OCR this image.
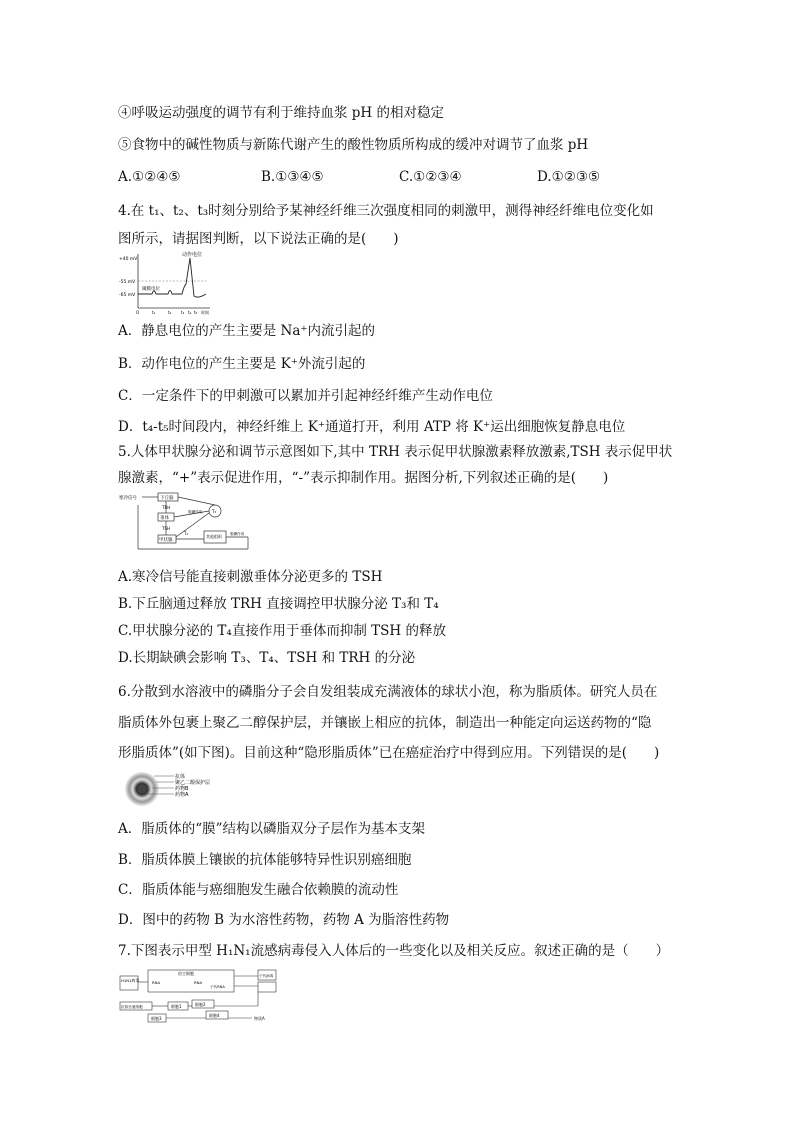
④呼吸运动强度的调节有利于维持血浆 pH 的相对稳定
⑤食物中的碱性物质与新陈代谢产生的酸性物质所构成的缓冲对调节了血浆 pH
A.①②④⑤	B.①③④⑤	C.①②③④	D.①②③⑤
4.在 t₁、t₂、t₃时刻分别给予某神经纤维三次强度相同的刺激甲，测得神经纤维电位变化如
图所示，请据图判断，以下说法正确的是(　　)
+40 mV
-55 mV
-65 mV
动作电位
阈膜电位
O	t₁	t₂ t₃ t₄ t₅ 时间
A．静息电位的产生主要是 Na⁺内流引起的
B．动作电位的产生主要是 K⁺外流引起的
C．一定条件下的甲刺激可以累加并引起神经纤维产生动作电位
D．t₄-t₅时间段内，神经纤维上 K⁺通道打开，利用 ATP 将 K⁺运出细胞恢复静息电位
5.人体甲状腺分泌和调节示意图如下,其中 TRH 表示促甲状腺激素释放激素,TSH 表示促甲状
腺激素，“+”表示促进作用，“-”表示抑制作用。据图分析,下列叙述正确的是(　　)
寒冷信号	下丘脑
TRH
垂体
TSH
甲状腺
T₄
T₃
脱碘作用
其他组织 脱碘作用
A.寒冷信号能直接刺激垂体分泌更多的 TSH
B.下丘脑通过释放 TRH 直接调控甲状腺分泌 T₃和 T₄
C.甲状腺分泌的 T₄直接作用于垂体而抑制 TSH 的释放
D.长期缺碘会影响 T₃、T₄、TSH 和 TRH 的分泌
6.分散到水溶液中的磷脂分子会自发组装成充满液体的球状小泡，称为脂质体。研究人员在
脂质体外包裹上聚乙二醇保护层，并镶嵌上相应的抗体，制造出一种能定向运送药物的“隐
形脂质体”(如下图)。目前这种“隐形脂质体”已在癌症治疗中得到应用。下列错误的是(　　)
抗体
聚乙二醇保护层
药物B
药物A
A．脂质体的“膜”结构以磷脂双分子层作为基本支架
B．脂质体膜上镶嵌的抗体能够特异性识别癌细胞
C．脂质体能与癌细胞发生融合依赖膜的流动性
D．图中的药物 B 为水溶性药物，药物 A 为脂溶性药物
7.下图表示甲型 H₁N₁流感病毒侵入人体后的一些变化以及相关反应。叙述正确的是（　　）
宿主细胞
H1N1病毒	RNA	RNA
子代病毒
子代RNA
抗原呈递细胞	细胞1	细胞2
细胞3
细胞4
物质A
